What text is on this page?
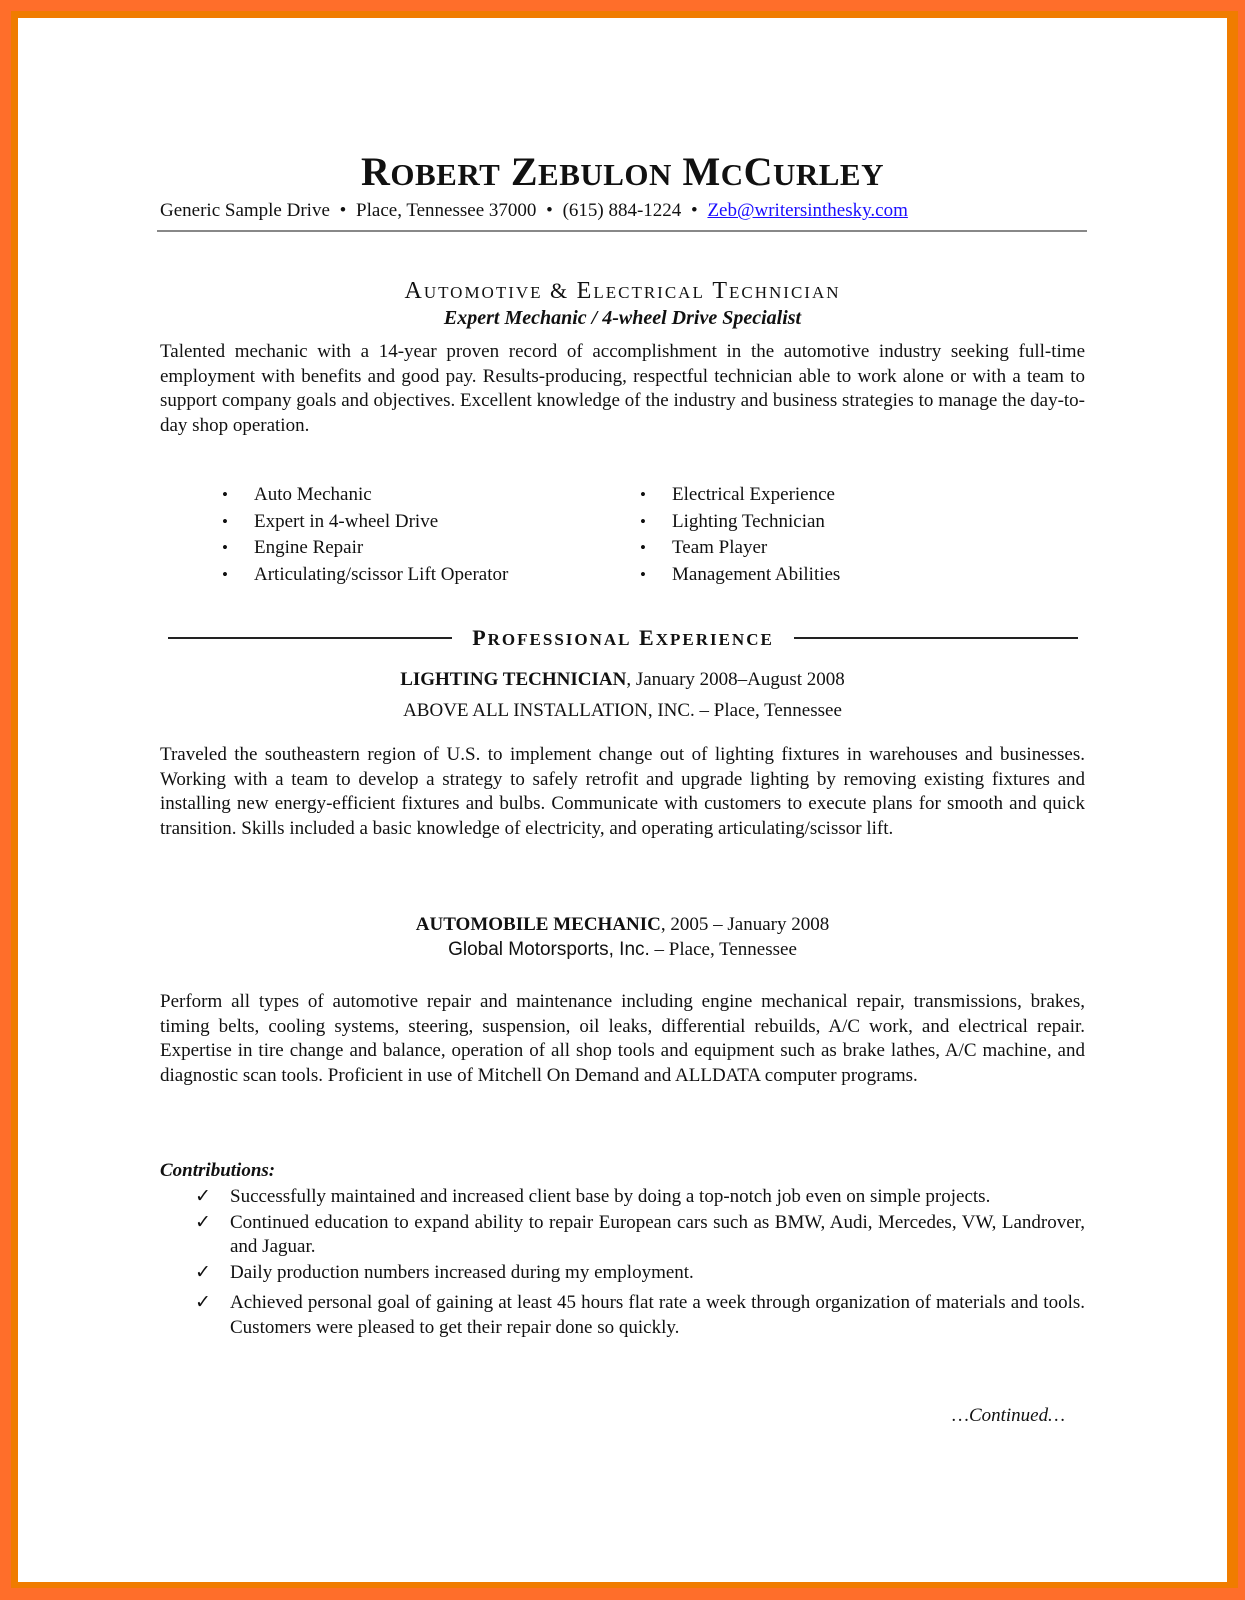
ROBERT ZEBULON MCCURLEY
Generic Sample Drive • Place, Tennessee 37000 • (615) 884-1224 • Zeb@writersinthesky.com
AUTOMOTIVE & ELECTRICAL TECHNICIAN
Expert Mechanic / 4-wheel Drive Specialist

Talented mechanic with a 14-year proven record of accomplishment in the automotive industry seeking full-time employment with benefits and good pay. Results-producing, respectful technician able to work alone or with a team to support company goals and objectives. Excellent knowledge of the industry and business strategies to manage the day-to-day shop operation.

• Auto Mechanic
• Expert in 4-wheel Drive
• Engine Repair
• Articulating/scissor Lift Operator
• Electrical Experience
• Lighting Technician
• Team Player
• Management Abilities
PROFESSIONAL EXPERIENCE
LIGHTING TECHNICIAN, January 2008–August 2008
ABOVE ALL INSTALLATION, INC. – Place, Tennessee

Traveled the southeastern region of U.S. to implement change out of lighting fixtures in warehouses and businesses. Working with a team to develop a strategy to safely retrofit and upgrade lighting by removing existing fixtures and installing new energy-efficient fixtures and bulbs. Communicate with customers to execute plans for smooth and quick transition. Skills included a basic knowledge of electricity, and operating articulating/scissor lift.

AUTOMOBILE MECHANIC, 2005 – January 2008
Global Motorsports, Inc. – Place, Tennessee

Perform all types of automotive repair and maintenance including engine mechanical repair, transmissions, brakes, timing belts, cooling systems, steering, suspension, oil leaks, differential rebuilds, A/C work, and electrical repair. Expertise in tire change and balance, operation of all shop tools and equipment such as brake lathes, A/C machine, and diagnostic scan tools. Proficient in use of Mitchell On Demand and ALLDATA computer programs.

Contributions:
✓ Successfully maintained and increased client base by doing a top-notch job even on simple projects.
✓ Continued education to expand ability to repair European cars such as BMW, Audi, Mercedes, VW, Landrover, and Jaguar.
✓ Daily production numbers increased during my employment.
✓ Achieved personal goal of gaining at least 45 hours flat rate a week through organization of materials and tools. Customers were pleased to get their repair done so quickly.
…Continued…
